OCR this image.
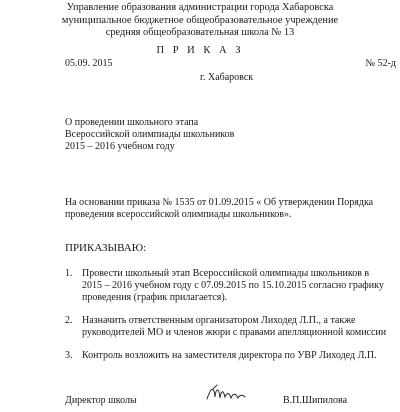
Управление образования администрации города Хабаровска
муниципальное бюджетное общеобразовательное учреждение
средняя общеобразовательная школа № 13
П Р И К А З
05.09. 2015	№ 52-д
г. Хабаровск
О проведении школьного этапа
Всероссийской олимпиады школьников
2015 – 2016 учебном году
На основании приказа № 1535 от 01.09.2015 « Об утверждении Порядка
проведения всероссийской олимпиады школьников».
ПРИКАЗЫВАЮ:
1. Провести школьный этап Всероссийской олимпиады школьников в
2015 – 2016 учебном году с 07.09.2015 по 15.10.2015 согласно графику
проведения (график прилагается).
2. Назначить ответственным организатором Лиходед Л.П., а также
руководителей МО и членов жюри с правами апелляционной комиссии
3. Контроль возложить на заместителя директора по УВР Лиходед Л.П.
Директор школы	В.П.Шипилова
